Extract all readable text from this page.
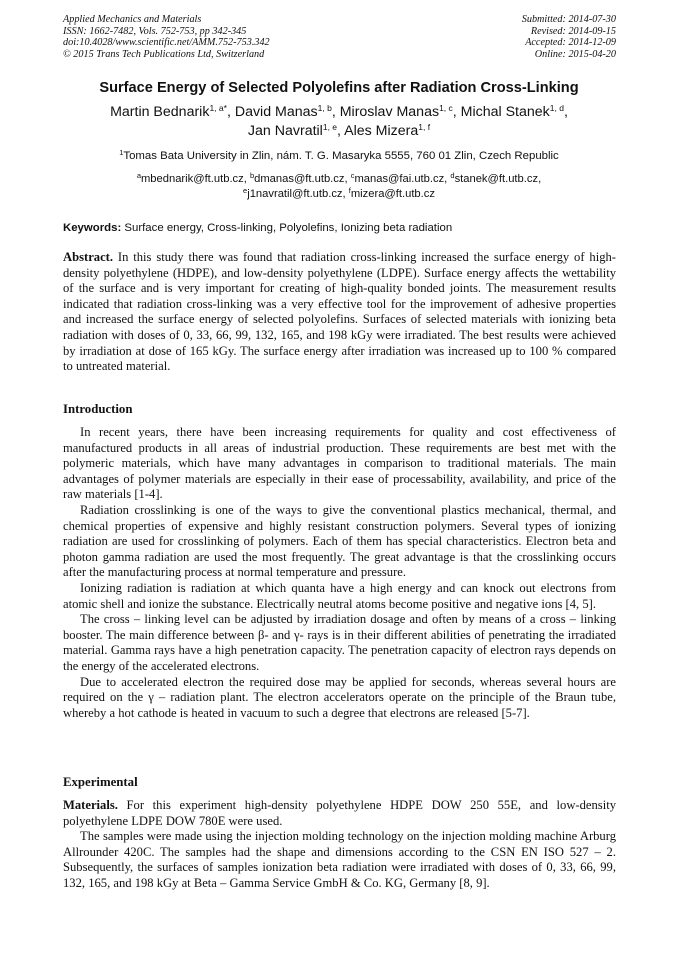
Applied Mechanics and Materials
ISSN: 1662-7482, Vols. 752-753, pp 342-345
doi:10.4028/www.scientific.net/AMM.752-753.342
© 2015 Trans Tech Publications Ltd, Switzerland
Submitted: 2014-07-30
Revised: 2014-09-15
Accepted: 2014-12-09
Online: 2015-04-20
Surface Energy of Selected Polyolefins after Radiation Cross-Linking
Martin Bednarik$^{1, a*}$, David Manas$^{1, b}$, Miroslav Manas$^{1, c}$, Michal Stanek$^{1, d}$,
Jan Navratil$^{1, e}$, Ales Mizera$^{1, f}$
$^1$Tomas Bata University in Zlin, nám. T. G. Masaryka 5555, 760 01 Zlin, Czech Republic
$^a$mbednarik@ft.utb.cz, $^b$dmanas@ft.utb.cz, $^c$manas@fai.utb.cz, $^d$stanek@ft.utb.cz,
$^e$j1navratil@ft.utb.cz, $^f$mizera@ft.utb.cz
Keywords: Surface energy, Cross-linking, Polyolefins, Ionizing beta radiation

Abstract. In this study there was found that radiation cross-linking increased the surface energy of high-density polyethylene (HDPE), and low-density polyethylene (LDPE). Surface energy affects the wettability of the surface and is very important for creating of high-quality bonded joints. The measurement results indicated that radiation cross-linking was a very effective tool for the improvement of adhesive properties and increased the surface energy of selected polyolefins. Surfaces of selected materials with ionizing beta radiation with doses of 0, 33, 66, 99, 132, 165, and 198 kGy were irradiated. The best results were achieved by irradiation at dose of 165 kGy. The surface energy after irradiation was increased up to 100 % compared to untreated material.

Introduction

In recent years, there have been increasing requirements for quality and cost effectiveness of manufactured products in all areas of industrial production. These requirements are best met with the polymeric materials, which have many advantages in comparison to traditional materials. The main advantages of polymer materials are especially in their ease of processability, availability, and price of the raw materials [1-4].

Radiation crosslinking is one of the ways to give the conventional plastics mechanical, thermal, and chemical properties of expensive and highly resistant construction polymers. Several types of ionizing radiation are used for crosslinking of polymers. Each of them has special characteristics. Electron beta and photon gamma radiation are used the most frequently. The great advantage is that the crosslinking occurs after the manufacturing process at normal temperature and pressure.

Ionizing radiation is radiation at which quanta have a high energy and can knock out electrons from atomic shell and ionize the substance. Electrically neutral atoms become positive and negative ions [4, 5].

The cross – linking level can be adjusted by irradiation dosage and often by means of a cross – linking booster. The main difference between β- and γ- rays is in their different abilities of penetrating the irradiated material. Gamma rays have a high penetration capacity. The penetration capacity of electron rays depends on the energy of the accelerated electrons.

Due to accelerated electron the required dose may be applied for seconds, whereas several hours are required on the γ – radiation plant. The electron accelerators operate on the principle of the Braun tube, whereby a hot cathode is heated in vacuum to such a degree that electrons are released [5-7].

Experimental

Materials. For this experiment high-density polyethylene HDPE DOW 250 55E, and low-density polyethylene LDPE DOW 780E were used.

The samples were made using the injection molding technology on the injection molding machine Arburg Allrounder 420C. The samples had the shape and dimensions according to the CSN EN ISO 527 – 2. Subsequently, the surfaces of samples ionization beta radiation were irradiated with doses of 0, 33, 66, 99, 132, 165, and 198 kGy at Beta – Gamma Service GmbH & Co. KG, Germany [8, 9].
